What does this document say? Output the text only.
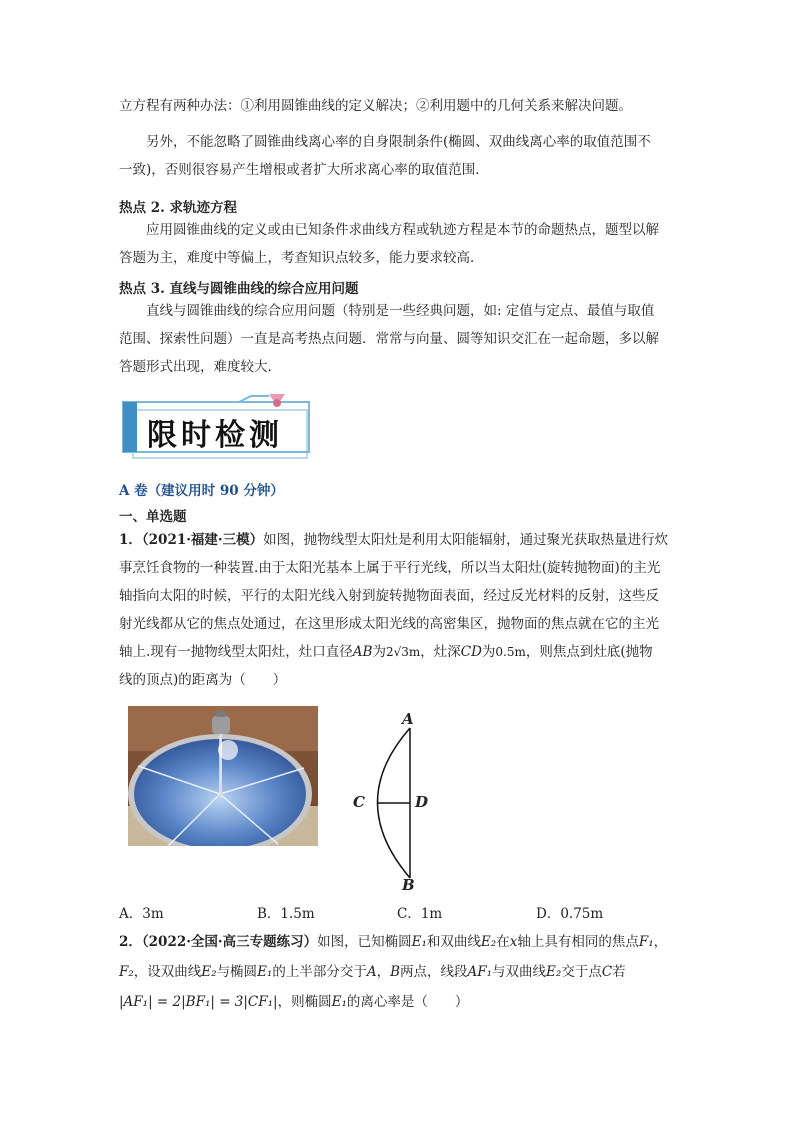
立方程有两种办法：①利用圆锥曲线的定义解决；②利用题中的几何关系来解决问题。
另外，不能忽略了圆锥曲线离心率的自身限制条件(椭圆、双曲线离心率的取值范围不
一致)，否则很容易产生增根或者扩大所求离心率的取值范围．
热点 2. 求轨迹方程
应用圆锥曲线的定义或由已知条件求曲线方程或轨迹方程是本节的命题热点，题型以解
答题为主，难度中等偏上，考查知识点较多，能力要求较高．
热点 3. 直线与圆锥曲线的综合应用问题
直线与圆锥曲线的综合应用问题（特别是一些经典问题，如: 定值与定点、最值与取值
范围、探索性问题）一直是高考热点问题．常常与向量、圆等知识交汇在一起命题，多以解
答题形式出现，难度较大．
限时检测
A 卷（建议用时 90 分钟）
一、单选题
1．（2021·福建·三模）如图，抛物线型太阳灶是利用太阳能辐射，通过聚光获取热量进行炊
事烹饪食物的一种装置.由于太阳光基本上属于平行光线，所以当太阳灶(旋转抛物面)的主光
轴指向太阳的时候，平行的太阳光线入射到旋转抛物面表面，经过反光材料的反射，这些反
射光线都从它的焦点处通过，在这里形成太阳光线的高密集区，抛物面的焦点就在它的主光
轴上.现有一抛物线型太阳灶，灶口直径AB为2√3m，灶深CD为0.5m，则焦点到灶底(抛物
线的顶点)的距离为（　　）
A
B
C	D
A．3m	B．1.5m	C．1m	D．0.75m
2．（2022·全国·高三专题练习）如图，已知椭圆E₁和双曲线E₂在x轴上具有相同的焦点F₁，
F₂，设双曲线E₂与椭圆E₁的上半部分交于A，B两点，线段AF₁与双曲线E₂交于点C若
|AF₁| = 2|BF₁| = 3|CF₁|，则椭圆E₁的离心率是（　　）
